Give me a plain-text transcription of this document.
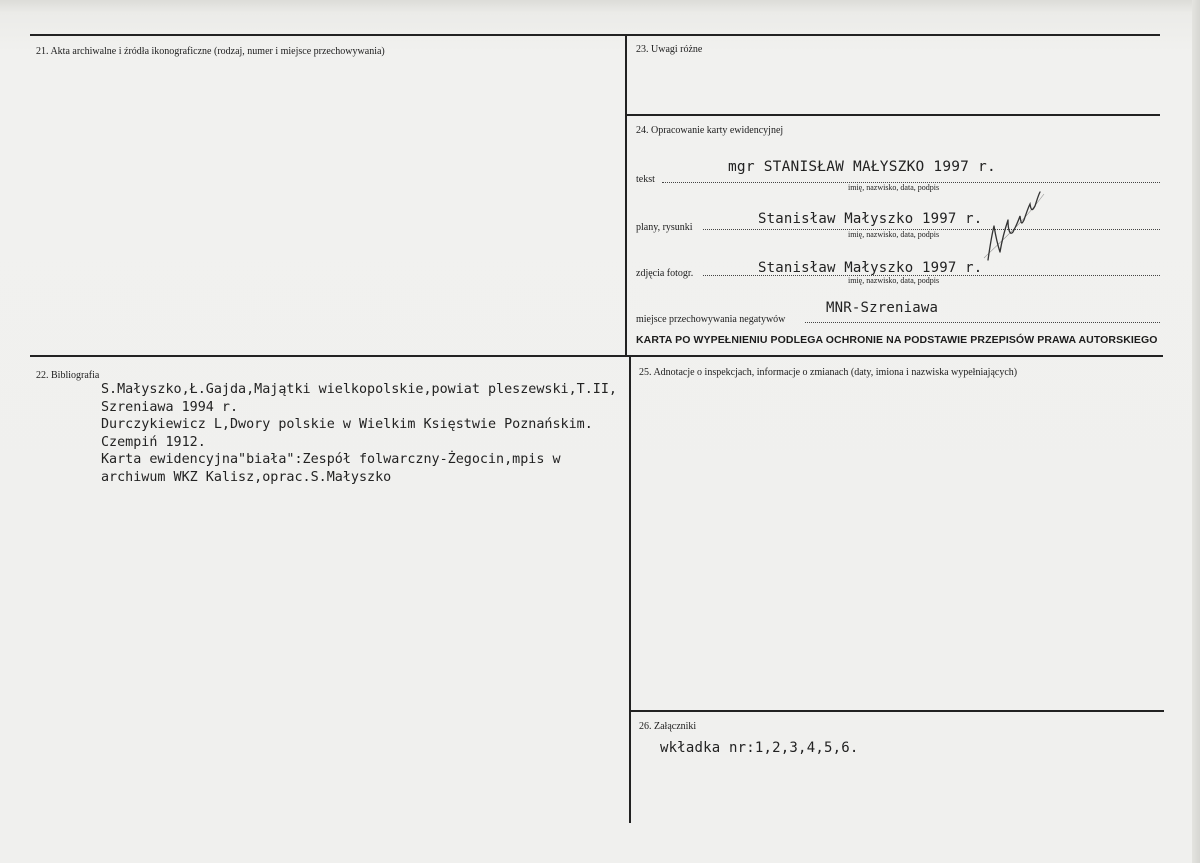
21. Akta archiwalne i źródła ikonograficzne (rodzaj, numer i miejsce przechowywania)	23. Uwagi różne
24. Opracowanie karty ewidencyjnej
tekst
mgr STANISŁAW MAŁYSZKO 1997 r.
imię, nazwisko, data, podpis
plany, rysunki
Stanisław Małyszko 1997 r.
imię, nazwisko, data, podpis
zdjęcia fotogr.	Stanisław Małyszko 1997 r.
imię, nazwisko, data, podpis
miejsce przechowywania negatywów
MNR-Szreniawa
KARTA PO WYPEŁNIENIU PODLEGA OCHRONIE NA PODSTAWIE PRZEPISÓW PRAWA AUTORSKIEGO
22. Bibliografia
S.Małyszko,Ł.Gajda,Majątki wielkopolskie,powiat pleszewski,T.II,
Szreniawa 1994 r.
Durczykiewicz L,Dwory polskie w Wielkim Księstwie Poznańskim.
Czempiń 1912.
Karta ewidencyjna"biała":Zespół folwarczny-Żegocin,mpis w
archiwum WKZ Kalisz,oprac.S.Małyszko
25. Adnotacje o inspekcjach, informacje o zmianach (daty, imiona i nazwiska wypełniających)
26. Załączniki
wkładka nr:1,2,3,4,5,6.
